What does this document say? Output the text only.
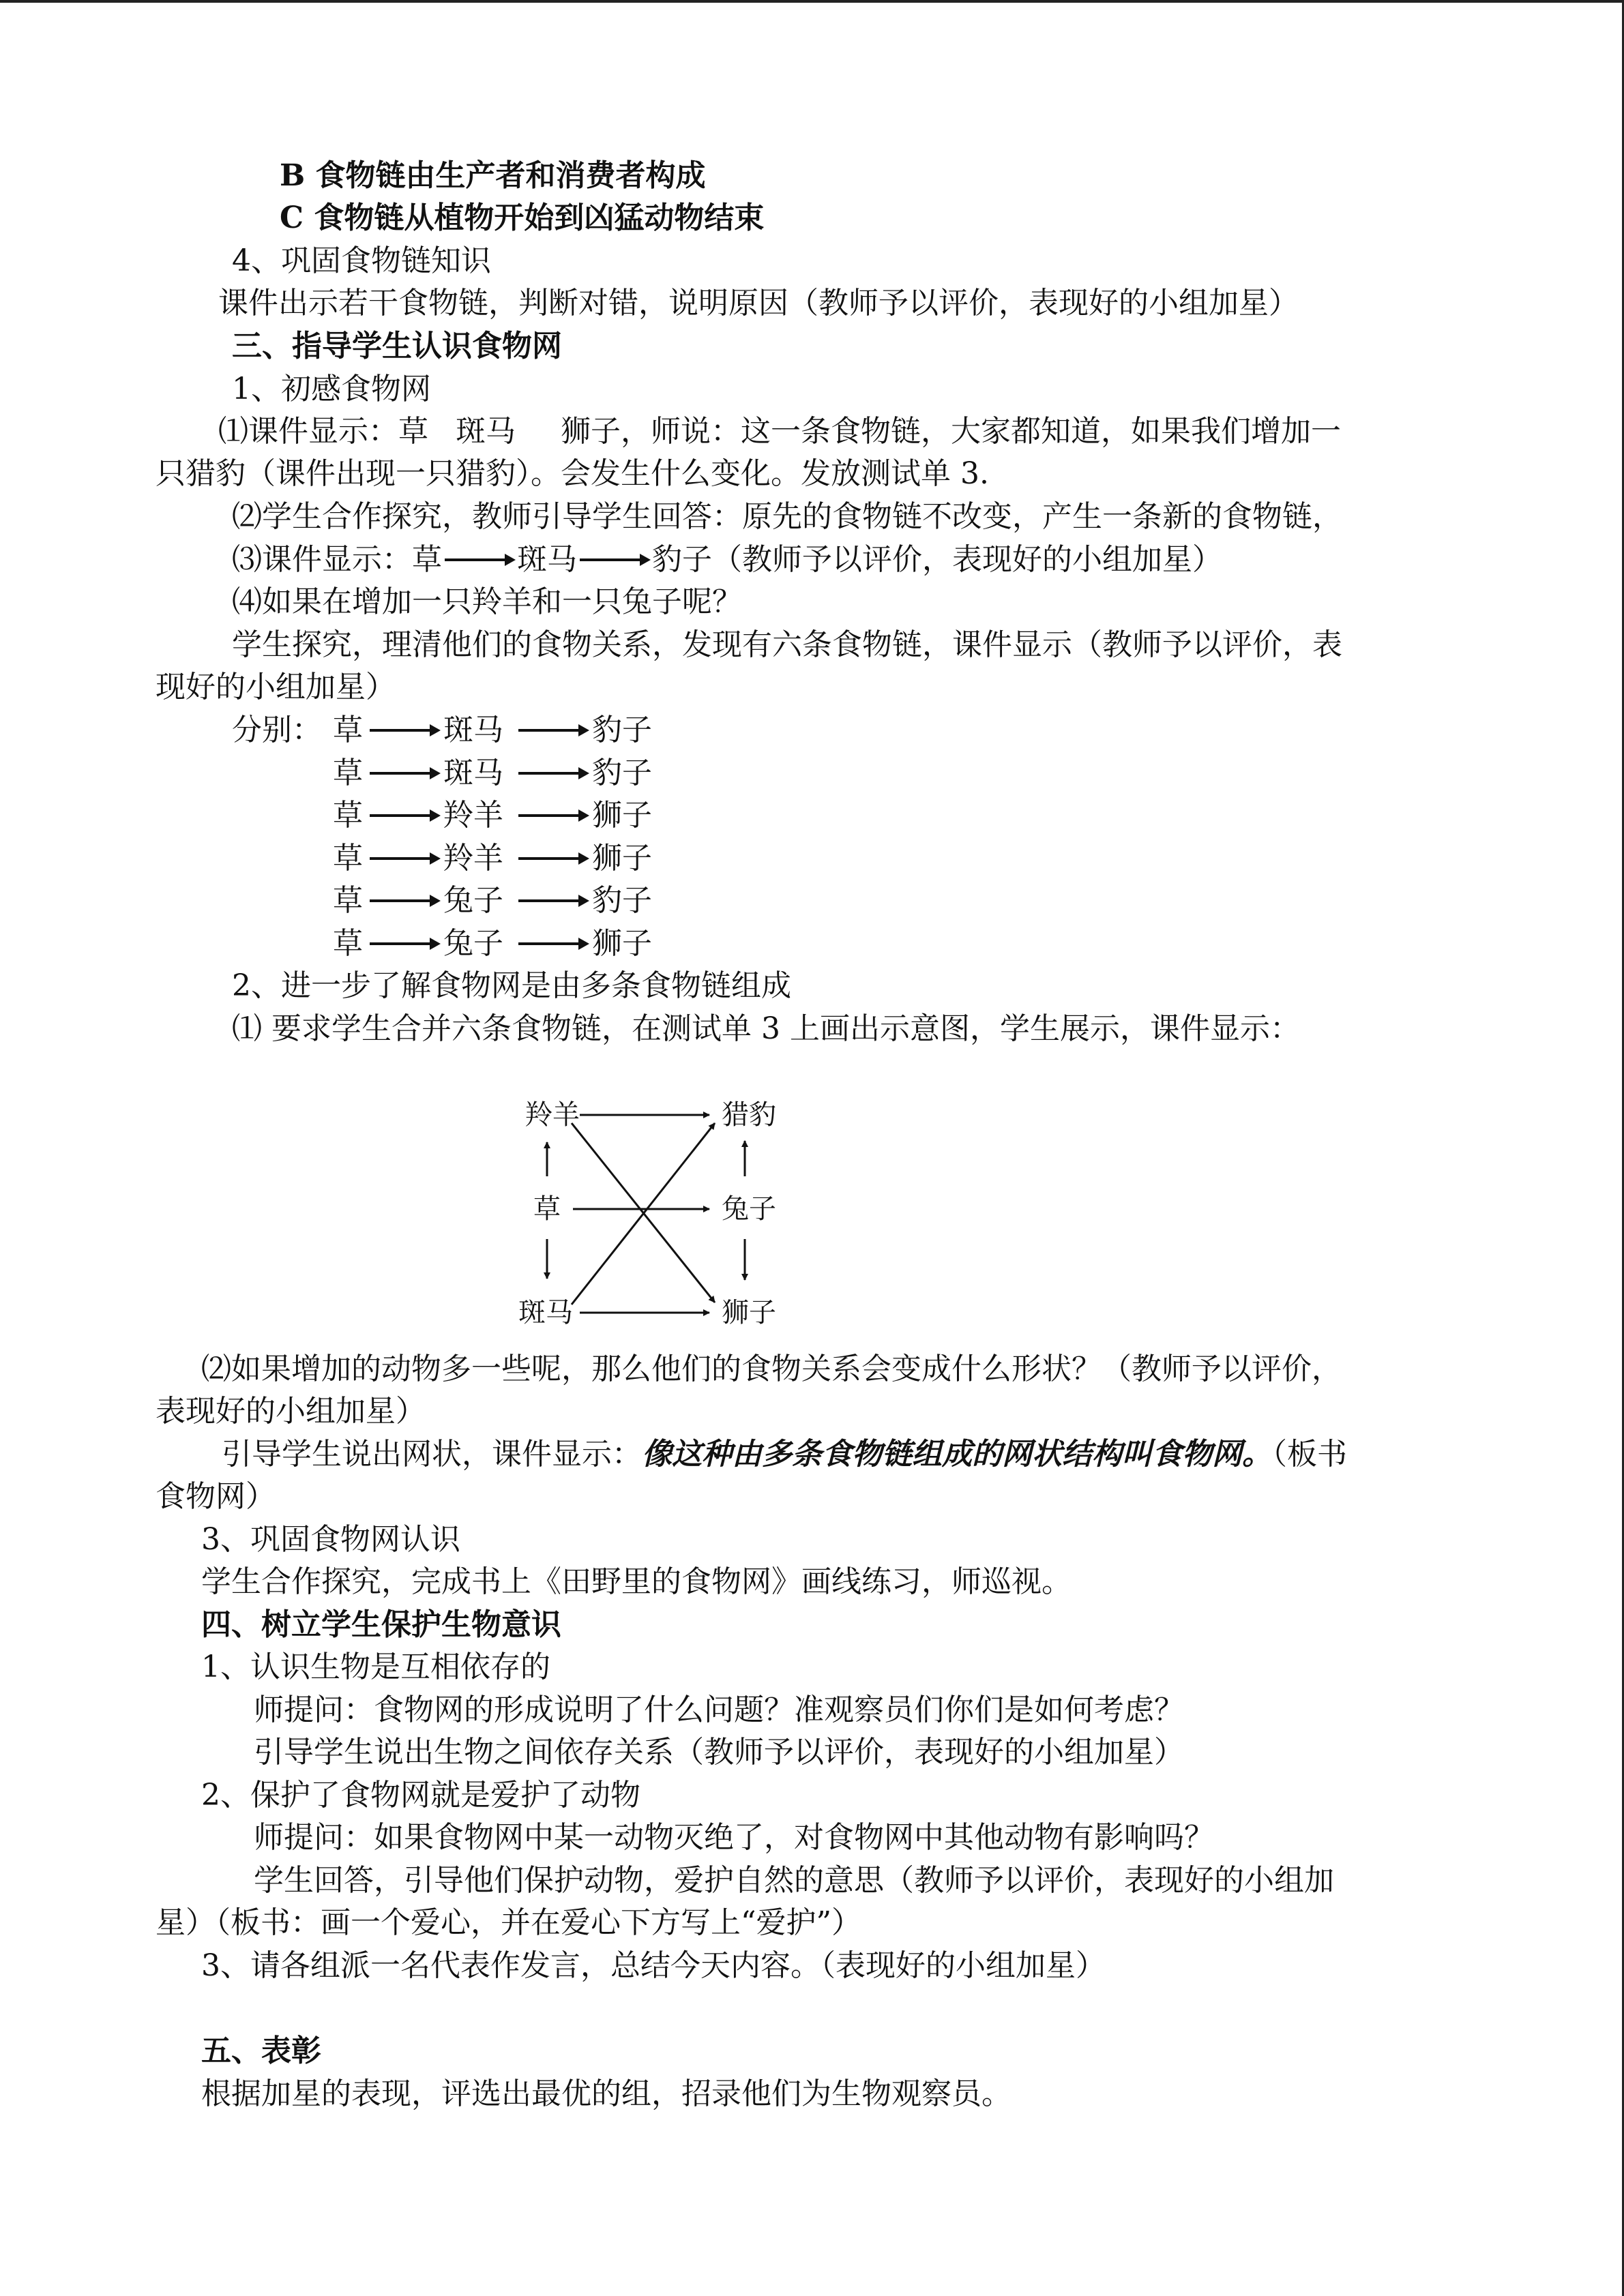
B 食物链由生产者和消费者构成
C 食物链从植物开始到凶猛动物结束
4、巩固食物链知识
课件出示若干食物链，判断对错，说明原因（教师予以评价，表现好的小组加星）
三、指导学生认识食物网
1、初感食物网
⑴课件显示：草 斑马 狮子，师说：这一条食物链，大家都知道，如果我们增加一
只猎豹（课件出现一只猎豹）。会发生什么变化。发放测试单 3.
⑵学生合作探究，教师引导学生回答：原先的食物链不改变，产生一条新的食物链，
⑶课件显示：草	斑马	豹子（教师予以评价，表现好的小组加星）
⑷如果在增加一只羚羊和一只兔子呢？
学生探究，理清他们的食物关系，发现有六条食物链，课件显示（教师予以评价，表
现好的小组加星）
分别： 草	斑马	豹子
草	斑马	豹子
草	羚羊	狮子
草	羚羊	狮子
草	兔子	豹子
草	兔子	狮子
2、进一步了解食物网是由多条食物链组成
⑴ 要求学生合并六条食物链，在测试单 3 上画出示意图，学生展示，课件显示：
羚羊	猎豹
草	兔子
斑马	狮子
⑵如果增加的动物多一些呢，那么他们的食物关系会变成什么形状？（教师予以评价，
表现好的小组加星）
引导学生说出网状，课件显示：像这种由多条食物链组成的网状结构叫食物网。（板书
食物网）
3、巩固食物网认识
学生合作探究，完成书上《田野里的食物网》画线练习，师巡视。
四、树立学生保护生物意识
1、认识生物是互相依存的
师提问：食物网的形成说明了什么问题？准观察员们你们是如何考虑？
引导学生说出生物之间依存关系（教师予以评价，表现好的小组加星）
2、保护了食物网就是爱护了动物
师提问：如果食物网中某一动物灭绝了，对食物网中其他动物有影响吗？
学生回答，引导他们保护动物，爱护自然的意思（教师予以评价，表现好的小组加
星）（板书：画一个爱心，并在爱心下方写上“爱护”）
3、请各组派一名代表作发言，总结今天内容。（表现好的小组加星）
五、表彰
根据加星的表现，评选出最优的组，招录他们为生物观察员。
